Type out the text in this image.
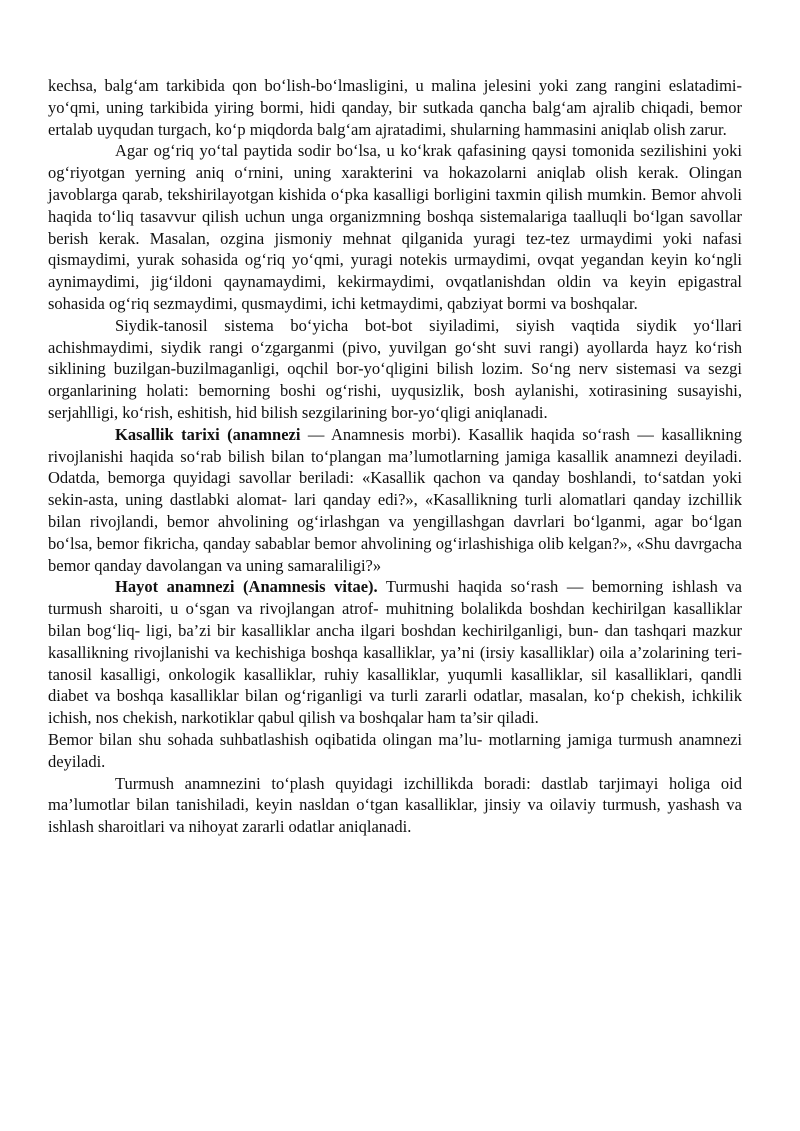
kechsa, balg‘am tarkibida qon bo‘lish-bo‘lmasligini, u malina jelesini yoki zang rangini eslatadimi- yo‘qmi, uning tarkibida yiring bormi, hidi qanday, bir sutkada qancha balg‘am ajralib chiqadi, bemor ertalab uyqudan turgach, ko‘p miqdorda balg‘am ajratadimi, shularning hammasini aniqlab olish zarur.

Agar og‘riq yo‘tal paytida sodir bo‘lsa, u ko‘krak qafasining qaysi tomonida sezilishini yoki og‘riyotgan yerning aniq o‘rnini, uning xarakterini va hokazolarni aniqlab olish kerak. Olingan javoblarga qarab, tekshirilayotgan kishida o‘pka kasalligi borligini taxmin qilish mumkin. Bemor ahvoli haqida to‘liq tasavvur qilish uchun unga organizmning boshqa sistemalariga taalluqli bo‘lgan savollar berish kerak. Masalan, ozgina jismoniy mehnat qilganida yuragi tez-tez urmaydimi yoki nafasi qismaydimi, yurak sohasida og‘riq yo‘qmi, yuragi notekis urmaydimi, ovqat yegandan keyin ko‘ngli aynimaydimi, jig‘ildoni qaynamaydimi, kekirmaydimi, ovqatlanishdan oldin va keyin epigastral sohasida og‘riq sezmaydimi, qusmaydimi, ichi ketmaydimi, qabziyat bormi va boshqalar.

Siydik-tanosil sistema bo‘yicha bot-bot siyiladimi, siyish vaqtida siydik yo‘llari achishmaydimi, siydik rangi o‘zgarganmi (pivo, yuvilgan go‘sht suvi rangi) ayollarda hayz ko‘rish siklining buzilgan-buzilmaganligi, oqchil bor-yo‘qligini bilish lozim. So‘ng nerv sistemasi va sezgi organlarining holati: bemorning boshi og‘rishi, uyqusizlik, bosh aylanishi, xotirasining susayishi, serjahlligi, ko‘rish, eshitish, hid bilish sezgilarining bor-yo‘qligi aniqlanadi.

Kasallik tarixi (anamnezi — Anamnesis morbi). Kasallik haqida so‘rash — kasallikning rivojlanishi haqida so‘rab bilish bilan to‘plangan ma’lumotlarning jamiga kasallik anamnezi deyiladi. Odatda, bemorga quyidagi savollar beriladi: «Kasallik qachon va qanday boshlandi, to‘satdan yoki sekin-asta, uning dastlabki alomat- lari qanday edi?», «Kasallikning turli alomatlari qanday izchillik bilan rivojlandi, bemor ahvolining og‘irlashgan va yengillashgan davrlari bo‘lganmi, agar bo‘lgan bo‘lsa, bemor fikricha, qanday sabablar bemor ahvolining og‘irlashishiga olib kelgan?», «Shu davrgacha bemor qanday davolangan va uning samaraliligi?»

Hayot anamnezi (Anamnesis vitae). Turmushi haqida so‘rash — bemorning ishlash va turmush sharoiti, u o‘sgan va rivojlangan atrof- muhitning bolalikda boshdan kechirilgan kasalliklar bilan bog‘liq- ligi, ba’zi bir kasalliklar ancha ilgari boshdan kechirilganligi, bun- dan tashqari mazkur kasallikning rivojlanishi va kechishiga boshqa kasalliklar, ya’ni (irsiy kasalliklar) oila a’zolarining teri-tanosil kasalligi, onkologik kasalliklar, ruhiy kasalliklar, yuqumli kasalliklar, sil kasalliklari, qandli diabet va boshqa kasalliklar bilan og‘riganligi va turli zararli odatlar, masalan, ko‘p chekish, ichkilik ichish, nos chekish, narkotiklar qabul qilish va boshqalar ham ta’sir qiladi.

Bemor bilan shu sohada suhbatlashish oqibatida olingan ma’lu- motlarning jamiga turmush anamnezi deyiladi.

Turmush anamnezini to‘plash quyidagi izchillikda boradi: dastlab tarjimayi holiga oid ma’lumotlar bilan tanishiladi, keyin nasldan o‘tgan kasalliklar, jinsiy va oilaviy turmush, yashash va ishlash sharoitlari va nihoyat zararli odatlar aniqlanadi.
